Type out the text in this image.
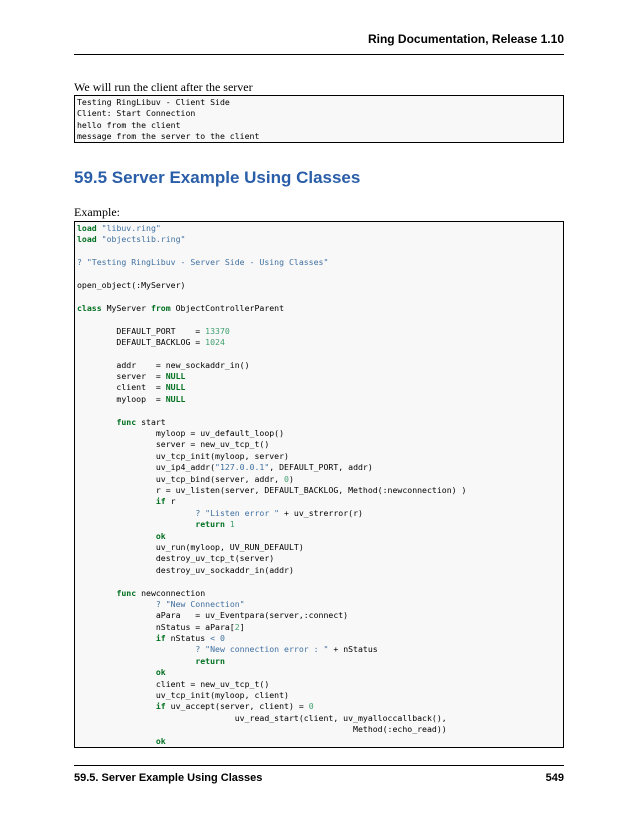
Ring Documentation, Release 1.10
We will run the client after the server
Testing RingLibuv - Client Side
Client: Start Connection
hello from the client
message from the server to the client
59.5 Server Example Using Classes
Example:
load "libuv.ring"
load "objectslib.ring"
? "Testing RingLibuv - Server Side - Using Classes"
open_object(:MyServer)
class MyServer from ObjectControllerParent
DEFAULT_PORT    = 13370
DEFAULT_BACKLOG = 1024
addr    = new_sockaddr_in()
server  = NULL
client  = NULL
myloop  = NULL
func start
myloop = uv_default_loop()
server = new_uv_tcp_t()
uv_tcp_init(myloop, server)
uv_ip4_addr("127.0.0.1", DEFAULT_PORT, addr)
uv_tcp_bind(server, addr, 0)
r = uv_listen(server, DEFAULT_BACKLOG, Method(:newconnection) )
if r
? "Listen error " + uv_strerror(r)
return 1
ok
uv_run(myloop, UV_RUN_DEFAULT)
destroy_uv_tcp_t(server)
destroy_uv_sockaddr_in(addr)
func newconnection
? "New Connection"
aPara   = uv_Eventpara(server,:connect)
nStatus = aPara[2]
if nStatus < 0
? "New connection error : " + nStatus
return
ok
client = new_uv_tcp_t()
uv_tcp_init(myloop, client)
if uv_accept(server, client) = 0
uv_read_start(client, uv_myalloccallback(),
Method(:echo_read))
ok
59.5. Server Example Using Classes	549
